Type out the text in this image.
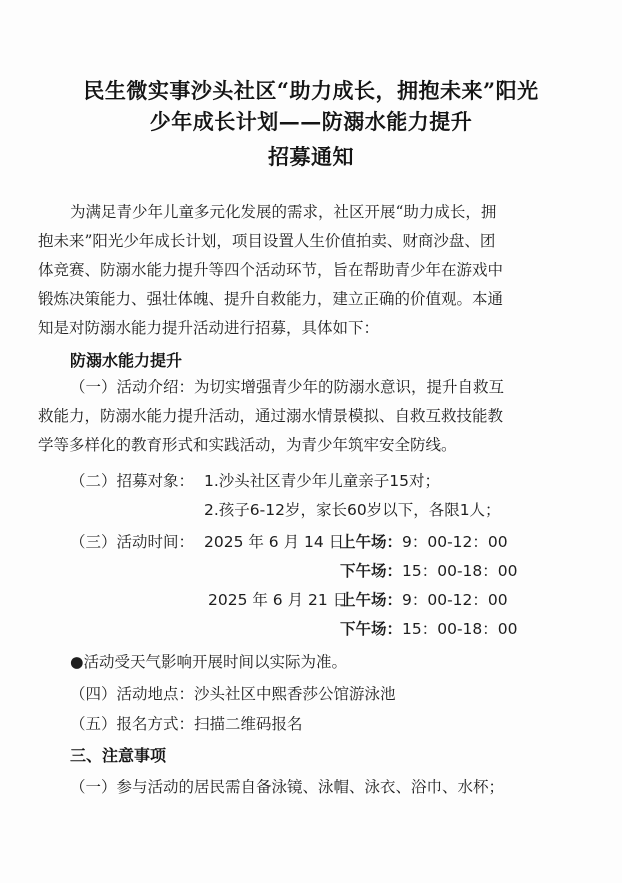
民生微实事沙头社区“助力成长，拥抱未来”阳光
少年成长计划——防溺水能力提升
招募通知
为满足青少年儿童多元化发展的需求，社区开展“助力成长，拥
抱未来”阳光少年成长计划，项目设置人生价值拍卖、财商沙盘、团
体竞赛、防溺水能力提升等四个活动环节，旨在帮助青少年在游戏中
锻炼决策能力、强壮体魄、提升自救能力，建立正确的价值观。本通
知是对防溺水能力提升活动进行招募，具体如下：
防溺水能力提升
（一）活动介绍：为切实增强青少年的防溺水意识，提升自救互
救能力，防溺水能力提升活动，通过溺水情景模拟、自救互救技能教
学等多样化的教育形式和实践活动，为青少年筑牢安全防线。
（二）招募对象： 1.沙头社区青少年儿童亲子15对；
2.孩子6-12岁，家长60岁以下，各限1人；
（三）活动时间： 2025 年 6 月 14 日
上午场： 9：00-12：00
下午场： 15：00-18：00
2025 年 6 月 21 日
上午场： 9：00-12：00
下午场： 15：00-18：00
●活动受天气影响开展时间以实际为准。
（四）活动地点：沙头社区中熙香莎公馆游泳池
（五）报名方式：扫描二维码报名
三、注意事项
（一）参与活动的居民需自备泳镜、泳帽、泳衣、浴巾、水杯；
